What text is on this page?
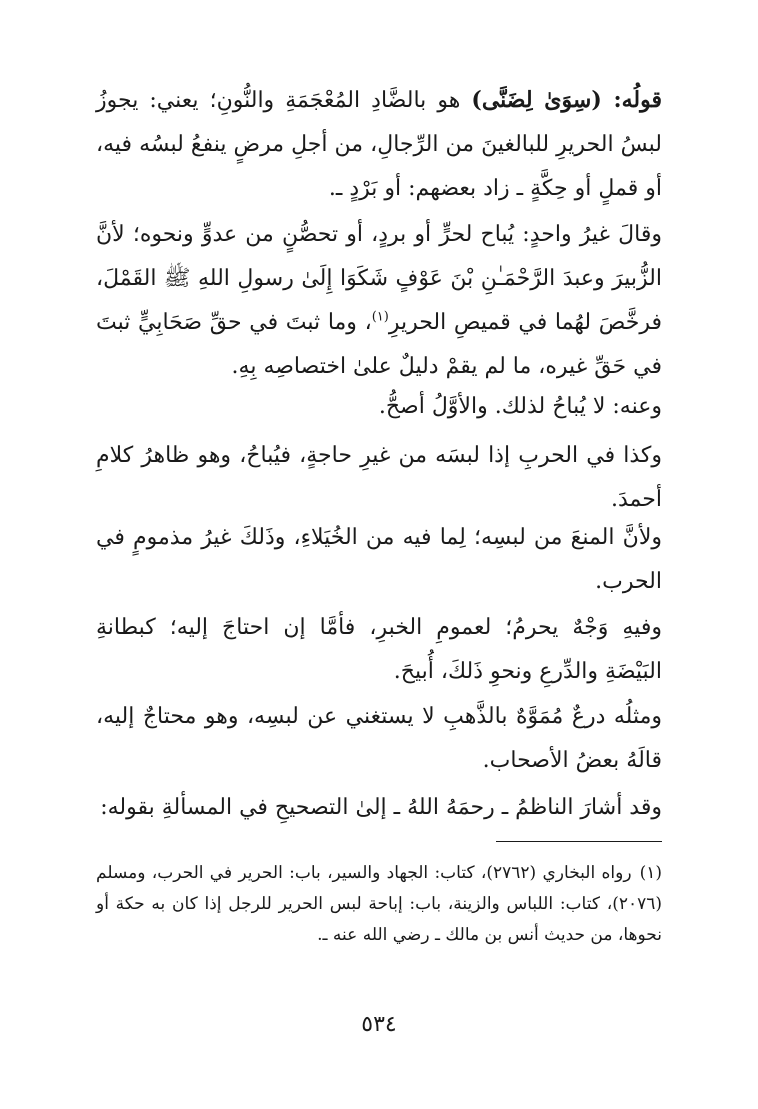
قولُه: (سِوَىٰ لِضَنَّى) هو بالضَّادِ المُعْجَمَةِ والنُّونِ؛ يعني: يجوزُ لبسُ الحريرِ للبالغينَ من الرِّجالِ، من أجلِ مرضٍ ينفعُ لبسُه فيه، أو قملٍ أو حِكَّةٍ ـ زاد بعضهم: أو بَرْدٍ ـ.

وقالَ غيرُ واحدٍ: يُباح لحرٍّ أو بردٍ، أو تحصُّنٍ من عدوٍّ ونحوه؛ لأنَّ الزُّبيرَ وعبدَ الرَّحْمَـٰنِ بْنَ عَوْفٍ شَكَوَا إِلَىٰ رسولِ اللهِ ﷺ القَمْلَ، فرخَّصَ لهُما في قميصِ الحريرِ$^{(١)}$، وما ثبتَ في حقِّ صَحَابِيٍّ ثبتَ في حَقِّ غيره، ما لم يقمْ دليلٌ علىٰ اختصاصِه بِهِ.

وعنه: لا يُباحُ لذلك. والأوَّلُ أصحُّ.

وكذا في الحربِ إذا لبسَه من غيرِ حاجةٍ، فيُباحُ، وهو ظاهرُ كلامِ أحمدَ.

ولأنَّ المنعَ من لبسِه؛ لِما فيه من الخُيَلاءِ، وذَلكَ غيرُ مذمومٍ في الحرب.

وفيهِ وَجْهٌ يحرمُ؛ لعمومِ الخبرِ، فأمَّا إن احتاجَ إليه؛ كبطانةِ البَيْضَةِ والدِّرعِ ونحوِ ذَلكَ، أُبيحَ.

ومثلُه درعٌ مُمَوَّهٌ بالذَّهبِ لا يستغني عن لبسِه، وهو محتاجٌ إليه، قالَهُ بعضُ الأصحاب.

وقد أشارَ الناظمُ ـ رحمَهُ اللهُ ـ إلىٰ التصحيحِ في المسألةِ بقوله:

(١)رواه البخاري (٢٧٦٢)، كتاب: الجهاد والسير، باب: الحرير في الحرب، ومسلم (٢٠٧٦)، كتاب: اللباس والزينة، باب: إباحة لبس الحرير للرجل إذا كان به حكة أو نحوها، من حديث أنس بن مالك ـ رضي الله عنه ـ.

٥٣٤
